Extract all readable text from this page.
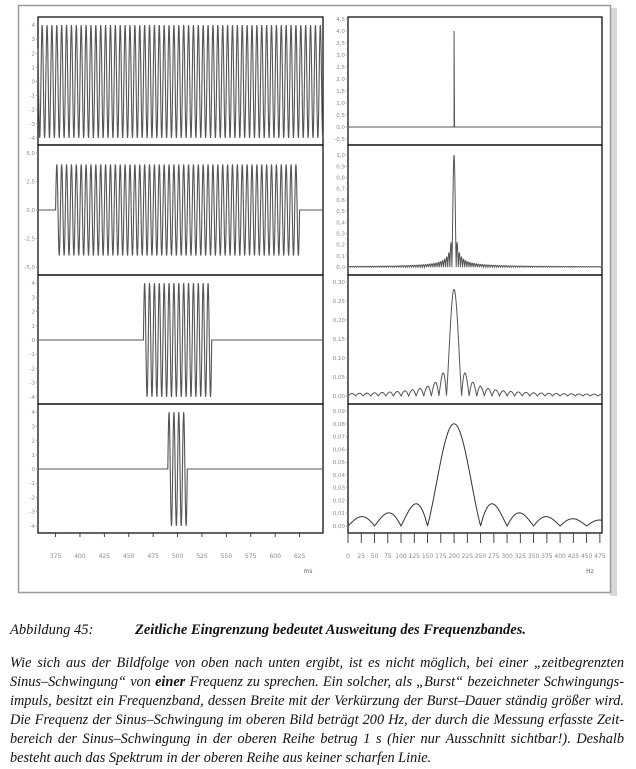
4
3
2
1
0
-1
-2
-3
-4
5,0
2,5
0,0
-2,5
-5,0
4
3
2
1
0
-1
-2
-3
-4
4
3
2
1
0
-1
-2
-3
-4
375 400 425 450 475 500 525 550 575 600 625
ms
4,5
4,0
3,5
3,0
2,5
2,0
1,5
1,0
0,5
0,0
-0,5
1,0
0,9
0,8
0,7
0,6
0,5
0,4
0,3
0,2
0,1
0,0
0,30
0,25
0,20
0,15
0,10
0,05
0,00
0,09
0,08
0,07
0,06
0,05
0,04
0,03
0,02
0,01
0,00
0 25 50 75 100 125 150 175 200 225 250 275 300 325 350 375 400 425 450 475
Hz
Abbildung 45:	Zeitliche Eingrenzung bedeutet Ausweitung des Frequenzbandes.
Wie sich aus der Bildfolge von oben nach unten ergibt, ist es nicht möglich, bei einer „zeitbegrenzten
Sinus–Schwingung“ von einer Frequenz zu sprechen. Ein solcher, als „Burst“ bezeichneter Schwingungs-
impuls, besitzt ein Frequenzband, dessen Breite mit der Verkürzung der Burst–Dauer ständig größer wird.
Die Frequenz der Sinus–Schwingung im oberen Bild beträgt 200 Hz, der durch die Messung erfasste Zeit-
bereich der Sinus–Schwingung in der oberen Reihe betrug 1 s (hier nur Ausschnitt sichtbar!). Deshalb
besteht auch das Spektrum in der oberen Reihe aus keiner scharfen Linie.
